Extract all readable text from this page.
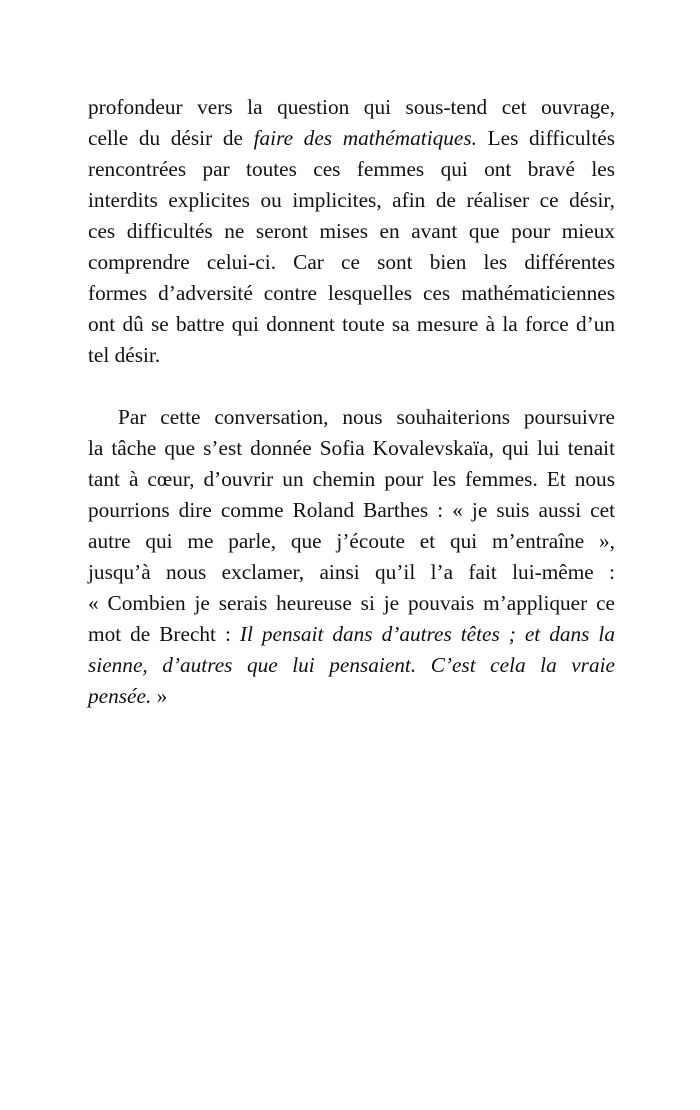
profondeur vers la question qui sous-tend cet ouvrage,
celle du désir de faire des mathématiques. Les difficultés
rencontrées par toutes ces femmes qui ont bravé les
interdits explicites ou implicites, afin de réaliser ce désir,
ces difficultés ne seront mises en avant que pour mieux
comprendre celui-ci. Car ce sont bien les différentes
formes d’adversité contre lesquelles ces mathématiciennes
ont dû se battre qui donnent toute sa mesure à la force d’un
tel désir.
Par cette conversation, nous souhaiterions poursuivre
la tâche que s’est donnée Sofia Kovalevskaïa, qui lui tenait
tant à cœur, d’ouvrir un chemin pour les femmes. Et nous
pourrions dire comme Roland Barthes : « je suis aussi cet
autre qui me parle, que j’écoute et qui m’entraîne »,
jusqu’à nous exclamer, ainsi qu’il l’a fait lui-même :
« Combien je serais heureuse si je pouvais m’appliquer ce
mot de Brecht : Il pensait dans d’autres têtes ; et dans la
sienne, d’autres que lui pensaient. C’est cela la vraie
pensée. »
